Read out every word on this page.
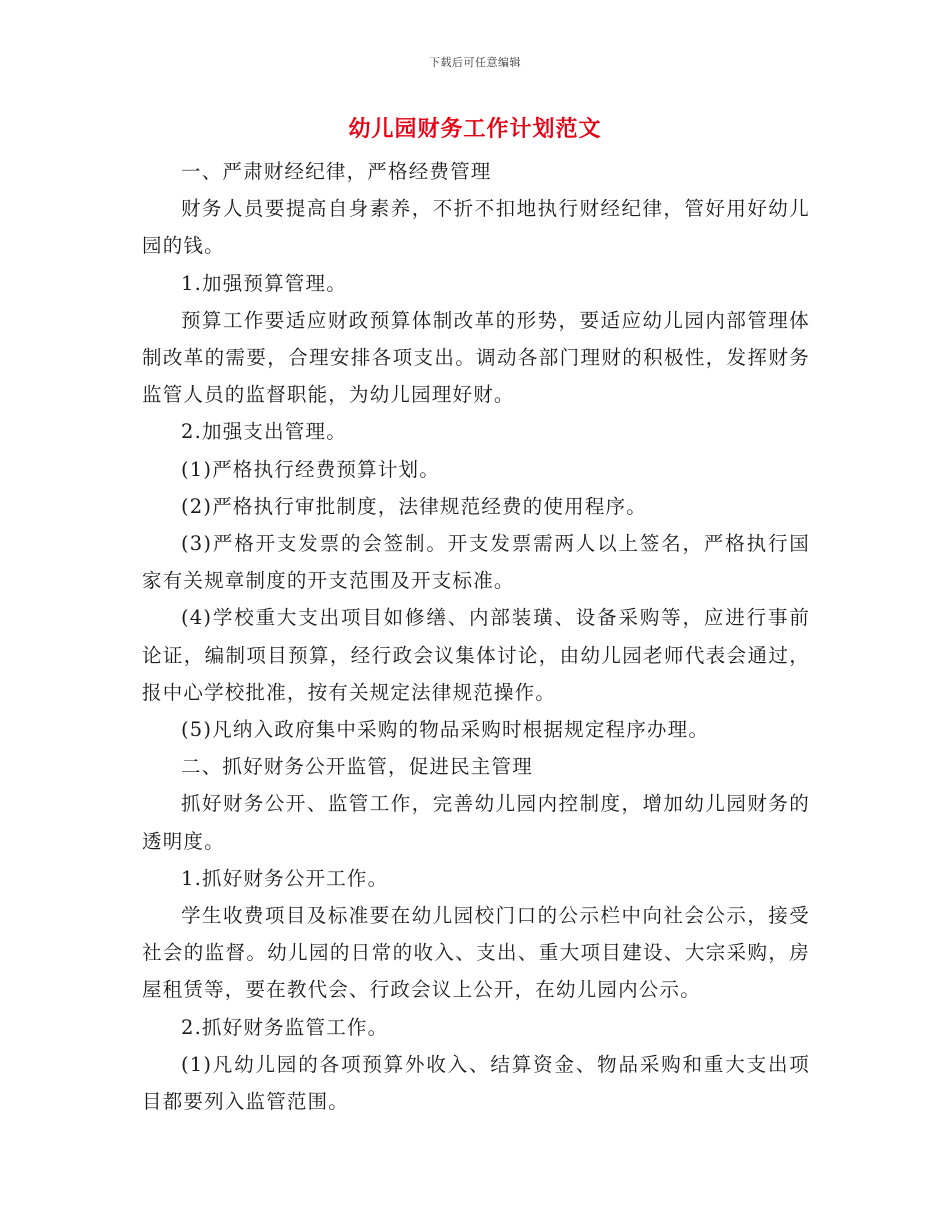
下载后可任意编辑
幼儿园财务工作计划范文

一、严肃财经纪律，严格经费管理

财务人员要提高自身素养，不折不扣地执行财经纪律，管好用好幼儿园的钱。

1.加强预算管理。

预算工作要适应财政预算体制改革的形势，要适应幼儿园内部管理体制改革的需要，合理安排各项支出。调动各部门理财的积极性，发挥财务监管人员的监督职能，为幼儿园理好财。

2.加强支出管理。

(1)严格执行经费预算计划。

(2)严格执行审批制度，法律规范经费的使用程序。

(3)严格开支发票的会签制。开支发票需两人以上签名，严格执行国家有关规章制度的开支范围及开支标准。

(4)学校重大支出项目如修缮、内部装璜、设备采购等，应进行事前论证，编制项目预算，经行政会议集体讨论，由幼儿园老师代表会通过，报中心学校批准，按有关规定法律规范操作。

(5)凡纳入政府集中采购的物品采购时根据规定程序办理。

二、抓好财务公开监管，促进民主管理

抓好财务公开、监管工作，完善幼儿园内控制度，增加幼儿园财务的透明度。

1.抓好财务公开工作。

学生收费项目及标准要在幼儿园校门口的公示栏中向社会公示，接受社会的监督。幼儿园的日常的收入、支出、重大项目建设、大宗采购，房屋租赁等，要在教代会、行政会议上公开，在幼儿园内公示。

2.抓好财务监管工作。

(1)凡幼儿园的各项预算外收入、结算资金、物品采购和重大支出项目都要列入监管范围。
